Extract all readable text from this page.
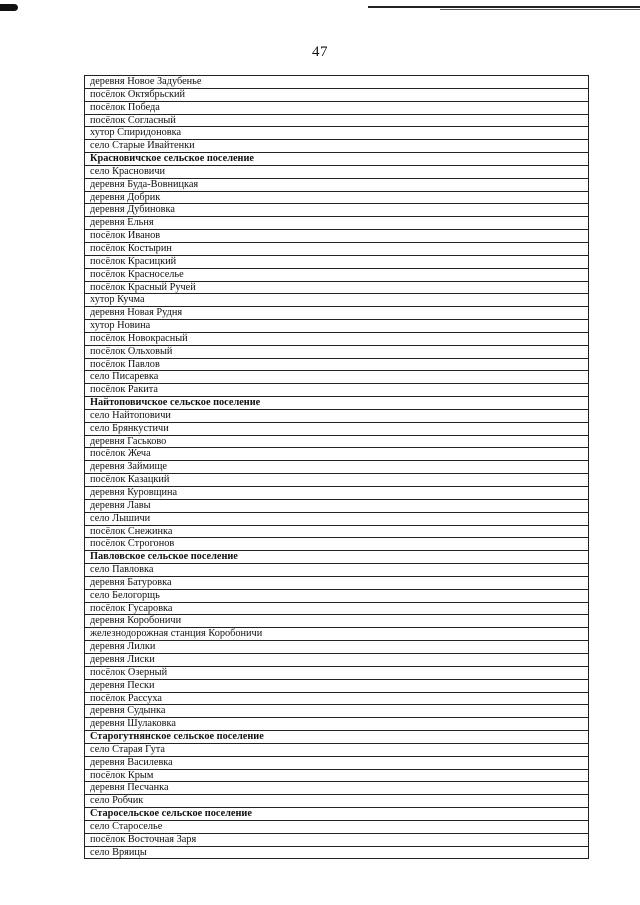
47
деревня Новое Задубенье
посёлок Октябрьский
посёлок Победа
посёлок Согласный
хутор Спиридоновка
село Старые Ивайтенки
Красновичское сельское поселение
село Красновичи
деревня Буда-Вовницкая
деревня Добрик
деревня Дубиновка
деревня Ельня
посёлок Иванов
посёлок Костырин
посёлок Красицкий
посёлок Красноселье
посёлок Красный Ручей
хутор Кучма
деревня Новая Рудня
хутор Новина
посёлок Новокрасный
посёлок Ольховый
посёлок Павлов
село Писаревка
посёлок Ракита
Найтоповичское сельское поселение
село Найтоповичи
село Брянкустичи
деревня Гаськово
посёлок Жеча
деревня Займище
посёлок Казацкий
деревня Куровщина
деревня Лавы
село Лышичи
посёлок Снежинка
посёлок Строгонов
Павловское сельское поселение
село Павловка
деревня Батуровка
село Белогорщь
посёлок Гусаровка
деревня Коробоничи
железнодорожная станция Коробоничи
деревня Лилки
деревня Лиски
посёлок Озерный
деревня Пески
посёлок Рассуха
деревня Судынка
деревня Шулаковка
Старогутнянское сельское поселение
село Старая Гута
деревня Василевка
посёлок Крым
деревня Песчанка
село Робчик
Старосельское сельское поселение
село Староселье
посёлок Восточная Заря
село Вряицы
